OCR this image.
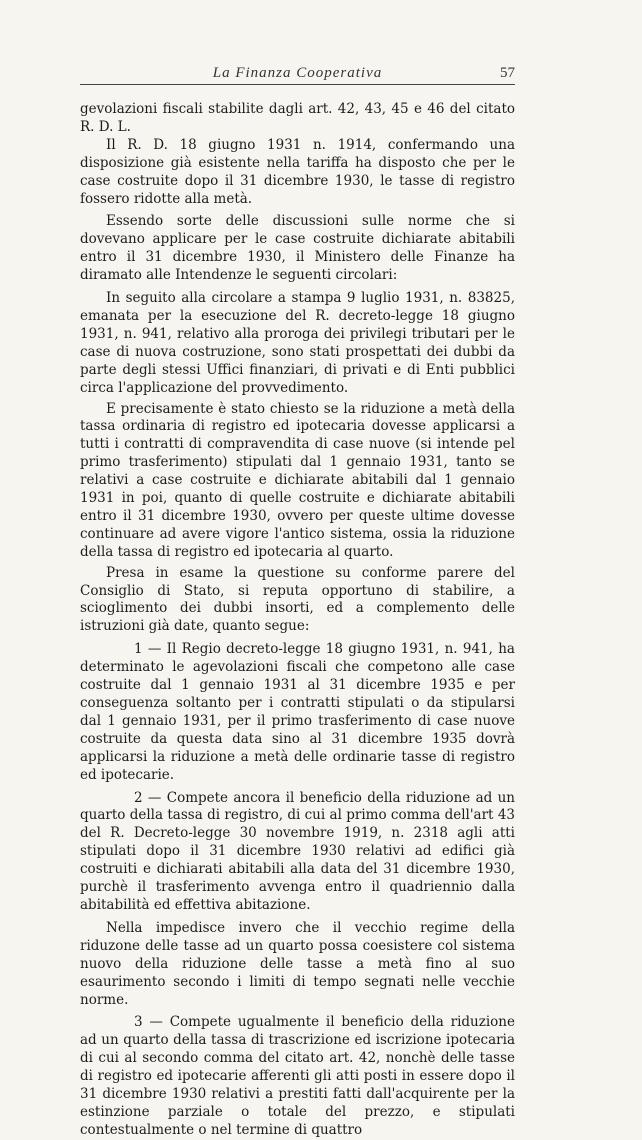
La Finanza Cooperativa	57

gevolazioni fiscali stabilite dagli art. 42, 43, 45 e 46 del citato R. D. L.

Il R. D. 18 giugno 1931 n. 1914, confermando una disposizione già esistente nella tariffa ha disposto che per le case costruite dopo il 31 dicembre 1930, le tasse di registro fossero ridotte alla metà.

Essendo sorte delle discussioni sulle norme che si dovevano applicare per le case costruite dichiarate abitabili entro il 31 dicembre 1930, il Ministero delle Finanze ha diramato alle Intendenze le seguenti circolari:

In seguito alla circolare a stampa 9 luglio 1931, n. 83825, emanata per la esecuzione del R. decreto-legge 18 giugno 1931, n. 941, relativo alla proroga dei privilegi tributari per le case di nuova costruzione, sono stati prospettati dei dubbi da parte degli stessi Uffici finanziari, di privati e di Enti pubblici circa l'applicazione del provvedimento.

E precisamente è stato chiesto se la riduzione a metà della tassa ordinaria di registro ed ipotecaria dovesse applicarsi a tutti i contratti di compravendita di case nuove (si intende pel primo trasferimento) stipulati dal 1 gennaio 1931, tanto se relativi a case costruite e dichiarate abitabili dal 1 gennaio 1931 in poi, quanto di quelle costruite e dichiarate abitabili entro il 31 dicembre 1930, ovvero per queste ultime dovesse continuare ad avere vigore l'antico sistema, ossia la riduzione della tassa di registro ed ipotecaria al quarto.

Presa in esame la questione su conforme parere del Consiglio di Stato, si reputa opportuno di stabilire, a scioglimento dei dubbi insorti, ed a complemento delle istruzioni già date, quanto segue:

1 — Il Regio decreto-legge 18 giugno 1931, n. 941, ha determinato le agevolazioni fiscali che competono alle case costruite dal 1 gennaio 1931 al 31 dicembre 1935 e per conseguenza soltanto per i contratti stipulati o da stipularsi dal 1 gennaio 1931, per il primo trasferimento di case nuove costruite da questa data sino al 31 dicembre 1935 dovrà applicarsi la riduzione a metà delle ordinarie tasse di registro ed ipotecarie.

2 — Compete ancora il beneficio della riduzione ad un quarto della tassa di registro, di cui al primo comma dell'art 43 del R. Decreto-legge 30 novembre 1919, n. 2318 agli atti stipulati dopo il 31 dicembre 1930 relativi ad edifici già costruiti e dichiarati abitabili alla data del 31 dicembre 1930, purchè il trasferimento avvenga entro il quadriennio dalla abitabilità ed effettiva abitazione.

Nella impedisce invero che il vecchio regime della riduzone delle tasse ad un quarto possa coesistere col sistema nuovo della riduzione delle tasse a metà fino al suo esaurimento secondo i limiti di tempo segnati nelle vecchie norme.

3 — Compete ugualmente il beneficio della riduzione ad un quarto della tassa di trascrizione ed iscrizione ipotecaria di cui al secondo comma del citato art. 42, nonchè delle tasse di registro ed ipotecarie afferenti gli atti posti in essere dopo il 31 dicembre 1930 relativi a prestiti fatti dall'acquirente per la estinzione parziale o totale del prezzo, e stipulati contestualmente o nel termine di quattro
